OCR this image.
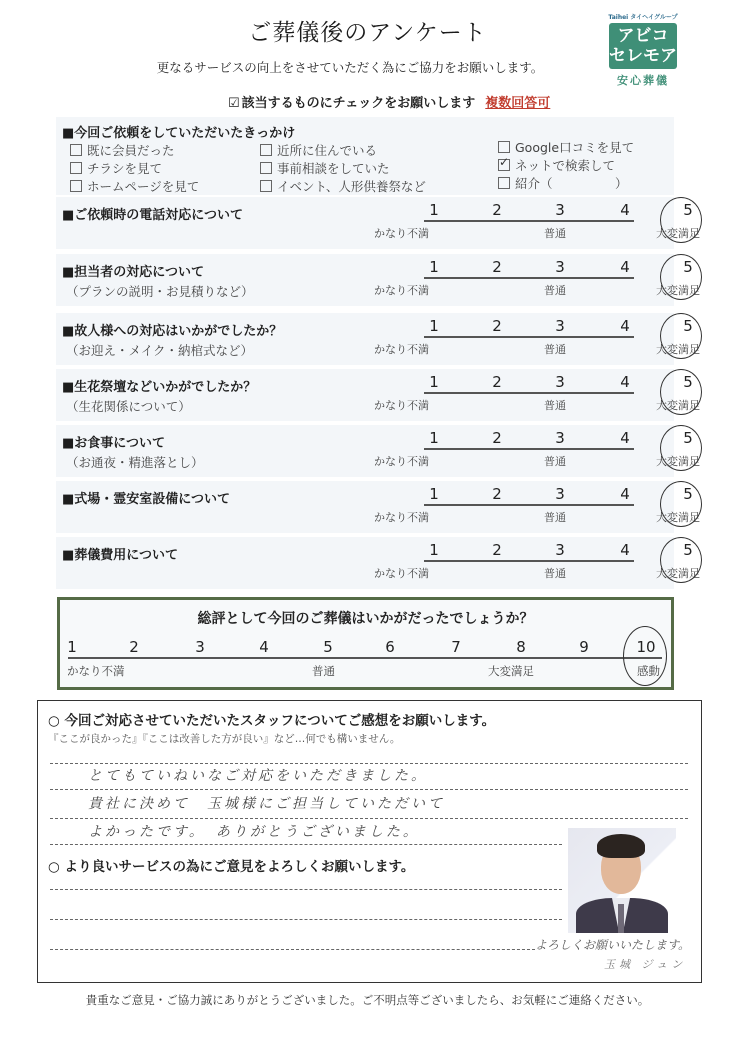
ご葬儀後のアンケート
更なるサービスの向上をさせていただく為にご協力をお願いします。
☑ 該当するものにチェックをお願いします 複数回答可
Taihei タイヘイグループ
アビコ
セレモア
安心葬儀
■今回ご依頼をしていただいたきっかけ
既に会員だった
チラシを見て
ホームページを見て
近所に住んでいる
事前相談をしていた
イベント、人形供養祭など
Google口コミを見て
✓ネットで検索して
紹介（　　　　　）
■ご依頼時の電話対応について	1	2	3	4	5
かなり不満	普通	大変満足
■担当者の対応について
（プランの説明・お見積りなど）
1	2	3	4	5
かなり不満	普通	大変満足
■故人様への対応はいかがでしたか？
（お迎え・メイク・納棺式など）
1	2	3	4	5
かなり不満	普通	大変満足
■生花祭壇などいかがでしたか？
（生花関係について）
1	2	3	4	5
かなり不満	普通	大変満足
■お食事について
（お通夜・精進落とし）
1	2	3	4	5
かなり不満	普通	大変満足
■式場・霊安室設備について	1	2	3	4	5
かなり不満	普通	大変満足
■葬儀費用について	1	2	3	4	5
かなり不満	普通	大変満足
総評として今回のご葬儀はいかがだったでしょうか？
1	2	3	4	5	6	7	8	9	10
かなり不満	普通	大変満足	感動
○ 今回ご対応させていただいたスタッフについてご感想をお願いします。
『ここが良かった』『ここは改善した方が良い』など…何でも構いません。
とてもていねいなご対応をいただきました。
貴社に決めて　玉城様にご担当していただいて
よかったです。　ありがとうございました。
○ より良いサービスの為にご意見をよろしくお願いします。
よろしくお願いいたします。
玉城 ジュン
貴重なご意見・ご協力誠にありがとうございました。ご不明点等ございましたら、お気軽にご連絡ください。
